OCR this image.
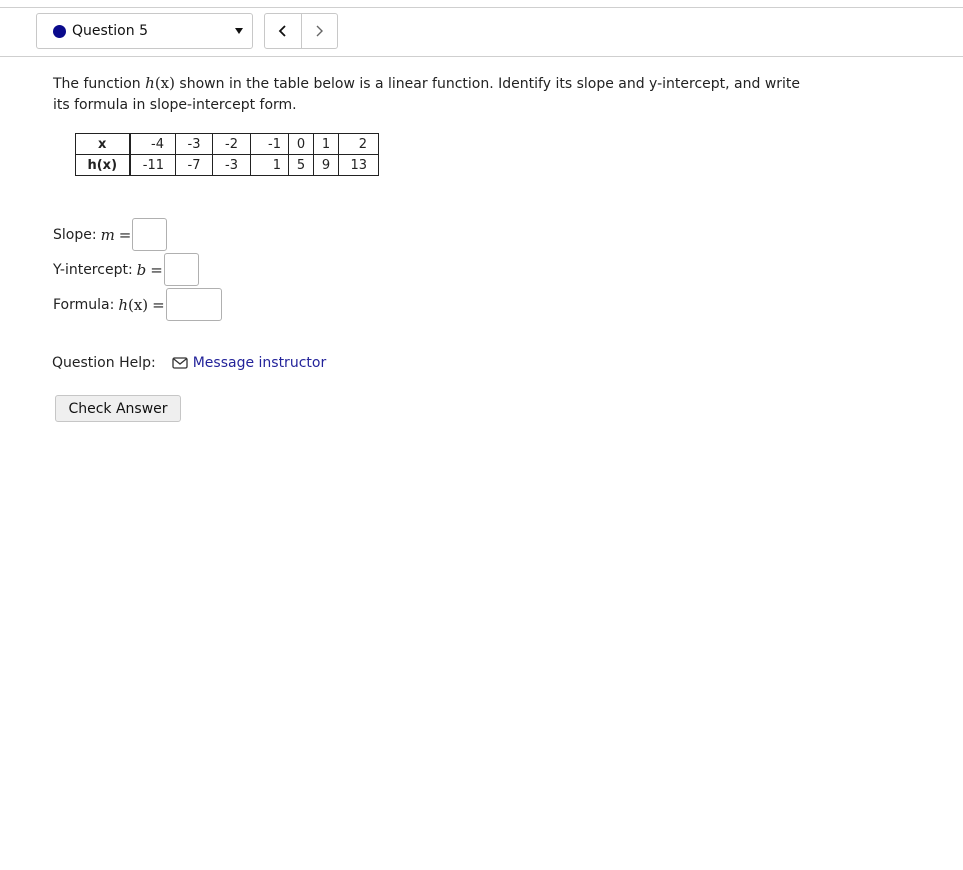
Question 5
The function h(x) shown in the table below is a linear function. Identify its slope and y-intercept, and write its formula in slope-intercept form.
x	-4	-3	-2	-1	0	1	2
h(x)	-11	-7	-3	1	5	9	13
Slope: m =
Y-intercept: b =
Formula: h(x) =
Question Help:	Message instructor
Check Answer
